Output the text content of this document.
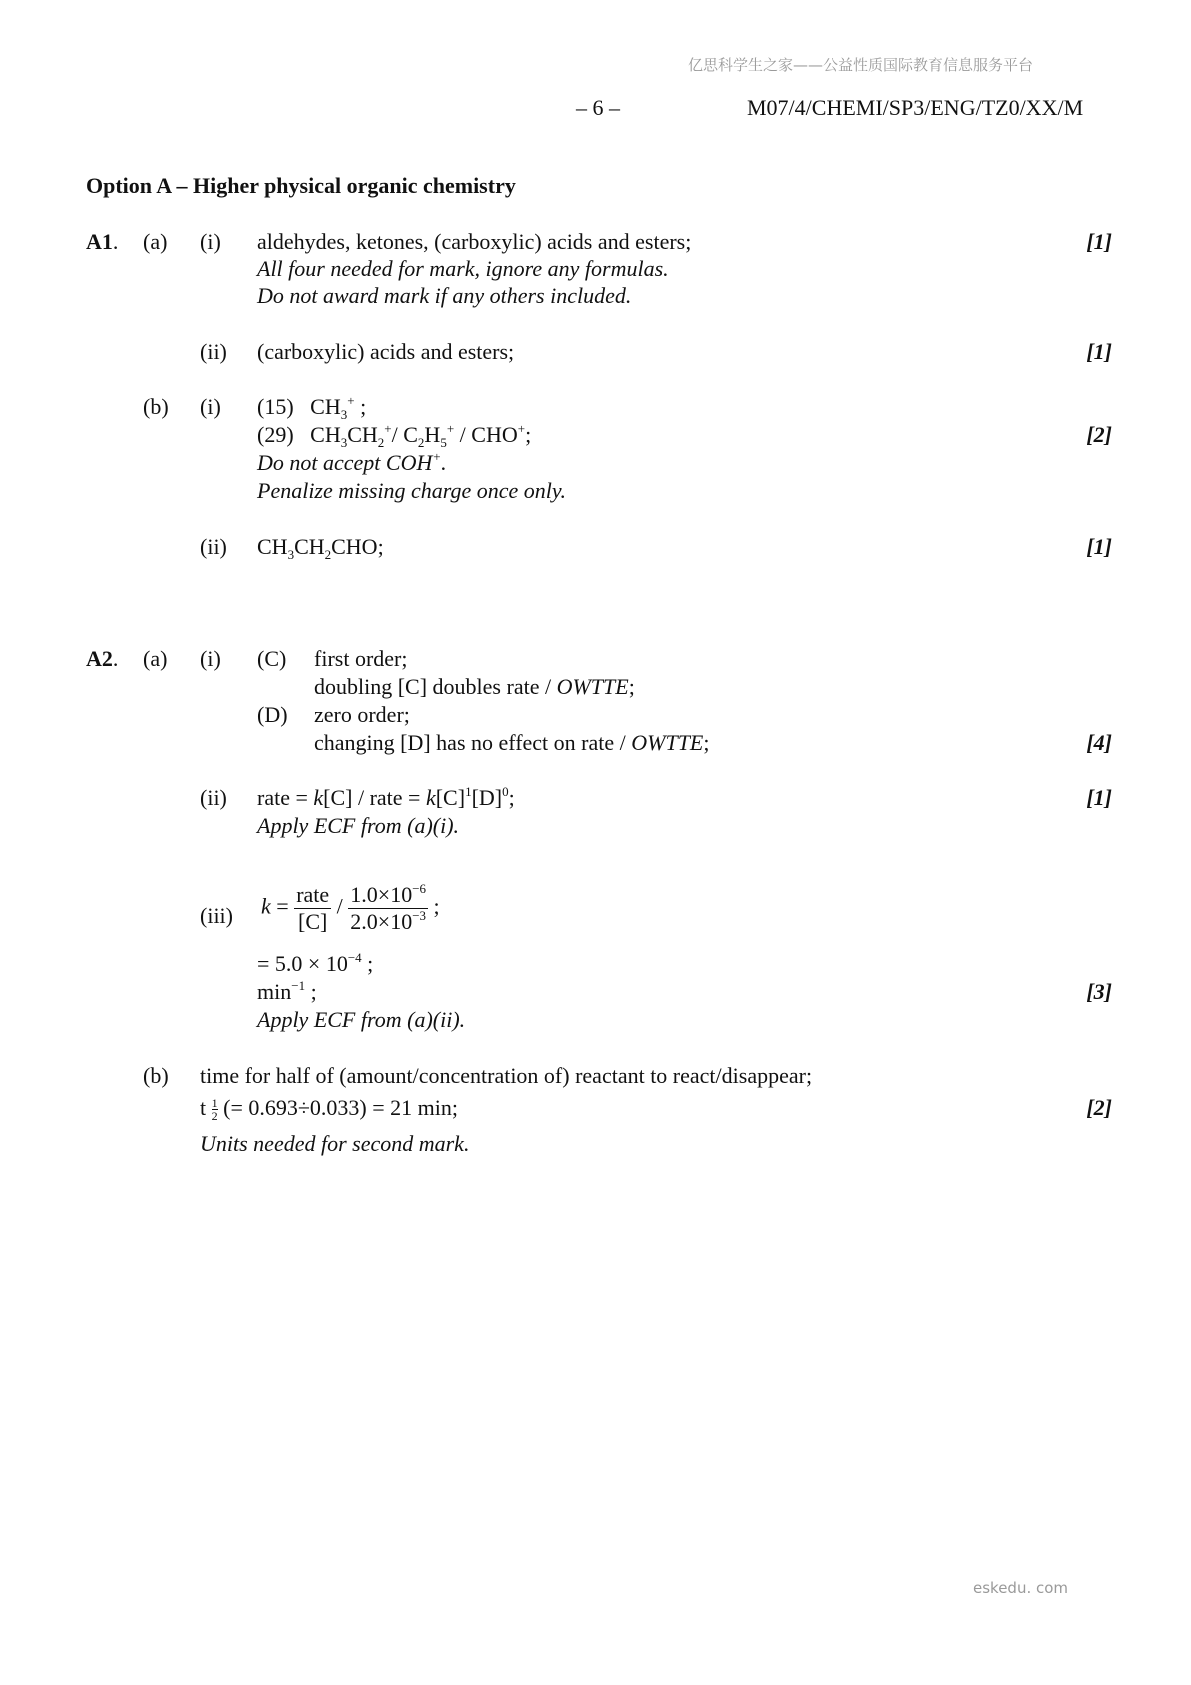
亿思科学生之家——公益性质国际教育信息服务平台
– 6 –	M07/4/CHEMI/SP3/ENG/TZ0/XX/M
Option A – Higher physical organic chemistry
A1. (a) (i) aldehydes, ketones, (carboxylic) acids and esters;	[1]
All four needed for mark, ignore any formulas.
Do not award mark if any others included.
(ii) (carboxylic) acids and esters;	[1]
(b) (i) (15)   $CH_3^+$ ;
(29)   $CH_3CH_2^+/$ $C_2H_5^+ / CHO^+$;	[2]
Do not accept COH+.
Penalize missing charge once only.
(ii) $CH_3CH_2CHO$;	[1]
A2. (a) (i) (C) first order;
doubling [C] doubles rate / OWTTE;
(D) zero order;
changing [D] has no effect on rate / OWTTE;	[4]
(ii) rate = k[C] / rate = $k[C]^1[D]^0$;	[1]
Apply ECF from (a)(i).
(iii) $k = \frac{\text{rate}}{[C]} / \frac{1.0\times 10^{-6}}{2.0\times 10^{-3}}$ ;
= $5.0 \times 10^{-4}$ ;
$\min^{-1}$ ;	[3]
Apply ECF from (a)(ii).
(b) time for half of (amount/concentration of) reactant to react/disappear;
t $\frac{1}{2}$ (= 0.693÷0.033) = 21 min;	[2]
Units needed for second mark.
eskedu. com
